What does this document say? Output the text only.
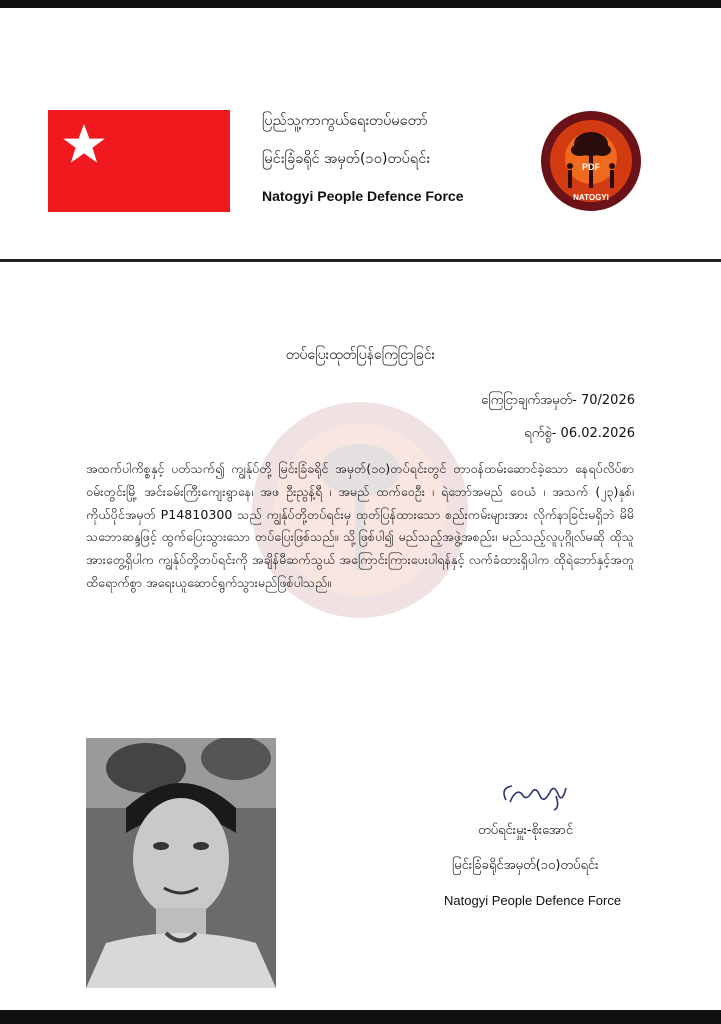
ပြည်သူ့ကာကွယ်ရေးတပ်မတော်
မြင်းခြံခရိုင် အမှတ်(၁၀)တပ်ရင်း
Natogyi People Defence Force
PDF
NATOGYI
တပ်ပြေးထုတ်ပြန်ကြေငြာခြင်း
ကြေငြာချက်အမှတ်- 70/2026
ရက်စွဲ- 06.02.2026
အထက်ပါကိစ္စနှင့် ပတ်သက်၍ ကျွန်ုပ်တို့ မြင်းခြံခရိုင် အမှတ်(၁၀)တပ်ရင်းတွင် တာဝန်ထမ်းဆောင်ခဲ့သော နေရပ်လိပ်စာ ဝမ်းတွင်းမြို့ အင်းခမ်းကြီးကျေးရွာနေ၊ အဖ ဦးညွန့်ရီ ၊ အမည် ထက်ဝေဦး ၊ ရဲဘော်အမည် ဝေယံ ၊ အသက် (၂၃)နှစ်၊ ကိုယ်ပိုင်အမှတ် P14810300 သည် ကျွန်ုပ်တို့တပ်ရင်းမှ ထုတ်ပြန်ထားသော စည်းကမ်းများအား လိုက်နာခြင်းမရှိဘဲ မိမိသဘောဆန္ဒဖြင့် ထွက်ပြေးသွားသော တပ်ပြေးဖြစ်သည်။ သို့ဖြစ်ပါ၍ မည်သည့်အဖွဲ့အစည်း၊ မည်သည့်လူပုဂ္ဂိုလ်မဆို ထိုသူအားတွေ့ရှိပါက ကျွန်ုပ်တို့တပ်ရင်းကို အချိန်မီဆက်သွယ် အကြောင်းကြားပေးပါရန်နှင့် လက်ခံထားရှိပါက ထိုရဲဘော်နှင့်အတူ ထိရောက်စွာ အရေးယူဆောင်ရွက်သွားမည်ဖြစ်ပါသည်။
တပ်ရင်းမှူး-စိုးအောင်
မြင်းခြံခရိုင်အမှတ်(၁၀)တပ်ရင်း
Natogyi People Defence Force
